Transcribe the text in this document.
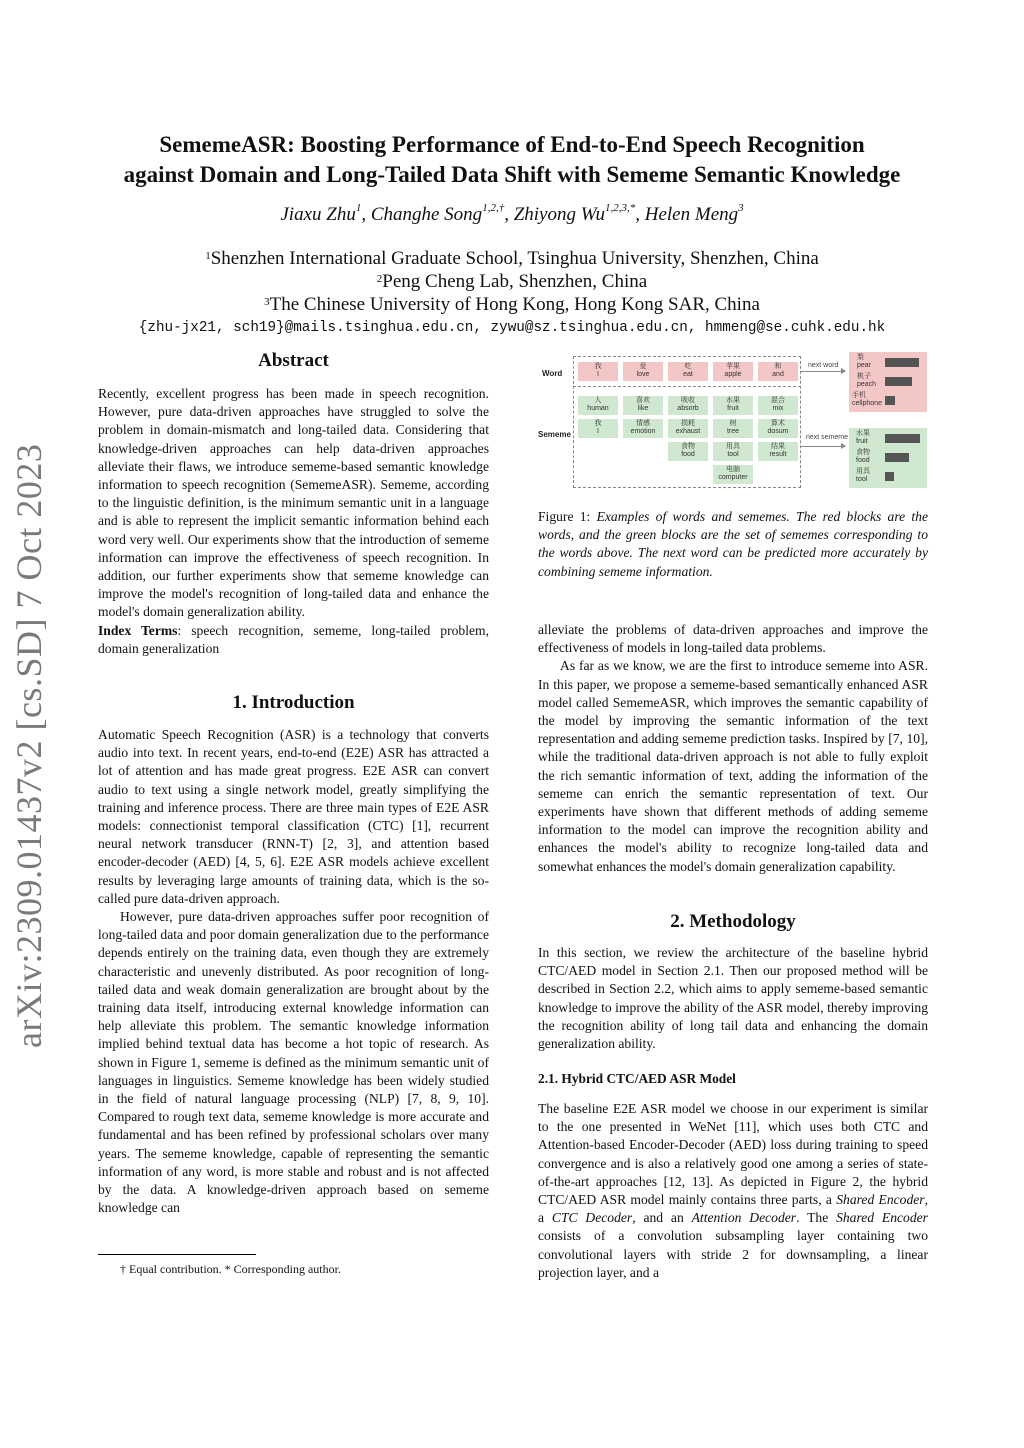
arXiv:2309.01437v2 [cs.SD] 7 Oct 2023
SememeASR: Boosting Performance of End-to-End Speech Recognition
against Domain and Long-Tailed Data Shift with Sememe Semantic Knowledge
Jiaxu Zhu$^1$, Changhe Song$^{1,2,\dagger}$, Zhiyong $Wu^{1,2,3,*}$, Helen Meng$^3$
$^1$Shenzhen International Graduate School, Tsinghua University, Shenzhen, China
$^2$Peng Cheng Lab, Shenzhen, China
$^3$The Chinese University of Hong Kong, Hong Kong SAR, China
{zhu-jx21, sch19}@mails.tsinghua.edu.cn, zywu@sz.tsinghua.edu.cn, hmmeng@se.cuhk.edu.hk
Abstract
Recently, excellent progress has been made in speech recognition. However, pure data-driven approaches have struggled to solve the problem in domain-mismatch and long-tailed data. Considering that knowledge-driven approaches can help data-driven approaches alleviate their flaws, we introduce sememe-based semantic knowledge information to speech recognition (SememeASR). Sememe, according to the linguistic definition, is the minimum semantic unit in a language and is able to represent the implicit semantic information behind each word very well. Our experiments show that the introduction of sememe information can improve the effectiveness of speech recognition. In addition, our further experiments show that sememe knowledge can improve the model's recognition of long-tailed data and enhance the model's domain generalization ability.
Index Terms: speech recognition, sememe, long-tailed problem, domain generalization
1. Introduction
Automatic Speech Recognition (ASR) is a technology that converts audio into text. In recent years, end-to-end (E2E) ASR has attracted a lot of attention and has made great progress. E2E ASR can convert audio to text using a single network model, greatly simplifying the training and inference process. There are three main types of E2E ASR models: connectionist temporal classification (CTC) [1], recurrent neural network transducer (RNN-T) [2, 3], and attention based encoder-decoder (AED) [4, 5, 6]. E2E ASR models achieve excellent results by leveraging large amounts of training data, which is the so-called pure data-driven approach.
However, pure data-driven approaches suffer poor recognition of long-tailed data and poor domain generalization due to the performance depends entirely on the training data, even though they are extremely characteristic and unevenly distributed. As poor recognition of long-tailed data and weak domain generalization are brought about by the training data itself, introducing external knowledge information can help alleviate this problem. The semantic knowledge information implied behind textual data has become a hot topic of research. As shown in Figure 1, sememe is defined as the minimum semantic unit of languages in linguistics. Sememe knowledge has been widely studied in the field of natural language processing (NLP) [7, 8, 9, 10]. Compared to rough text data, sememe knowledge is more accurate and fundamental and has been refined by professional scholars over many years. The sememe knowledge, capable of representing the semantic information of any word, is more stable and robust and is not affected by the data. A knowledge-driven approach based on sememe knowledge can
† Equal contribution. * Corresponding author.
Word
Sememe
我
I
爱
love
吃
eat
苹果
apple
和
and
人
human
喜欢
like
吸收
absorb
水果
fruit
混合
mix
我
I
情感
emotion
损耗
exhaust
树
tree
算术
dosum
食物
food
用具
tool
结果
result
电脑
computer
next word
next sememe
梨
pear
桃子
peach
手机
cellphone
水果
fruit
食物
food
用具
tool
Figure 1: Examples of words and sememes. The red blocks are the words, and the green blocks are the set of sememes corresponding to the words above. The next word can be predicted more accurately by combining sememe information.
alleviate the problems of data-driven approaches and improve the effectiveness of models in long-tailed data problems.
As far as we know, we are the first to introduce sememe into ASR. In this paper, we propose a sememe-based semantically enhanced ASR model called SememeASR, which improves the semantic capability of the model by improving the semantic information of the text representation and adding sememe prediction tasks. Inspired by [7, 10], while the traditional data-driven approach is not able to fully exploit the rich semantic information of text, adding the information of the sememe can enrich the semantic representation of text. Our experiments have shown that different methods of adding sememe information to the model can improve the recognition ability and enhances the model's ability to recognize long-tailed data and somewhat enhances the model's domain generalization capability.
2. Methodology
In this section, we review the architecture of the baseline hybrid CTC/AED model in Section 2.1. Then our proposed method will be described in Section 2.2, which aims to apply sememe-based semantic knowledge to improve the ability of the ASR model, thereby improving the recognition ability of long tail data and enhancing the domain generalization ability.
2.1. Hybrid CTC/AED ASR Model
The baseline E2E ASR model we choose in our experiment is similar to the one presented in WeNet [11], which uses both CTC and Attention-based Encoder-Decoder (AED) loss during training to speed convergence and is also a relatively good one among a series of state-of-the-art approaches [12, 13]. As depicted in Figure 2, the hybrid CTC/AED ASR model mainly contains three parts, a Shared Encoder, a CTC Decoder, and an Attention Decoder. The Shared Encoder consists of a convolution subsampling layer containing two convolutional layers with stride 2 for downsampling, a linear projection layer, and a
